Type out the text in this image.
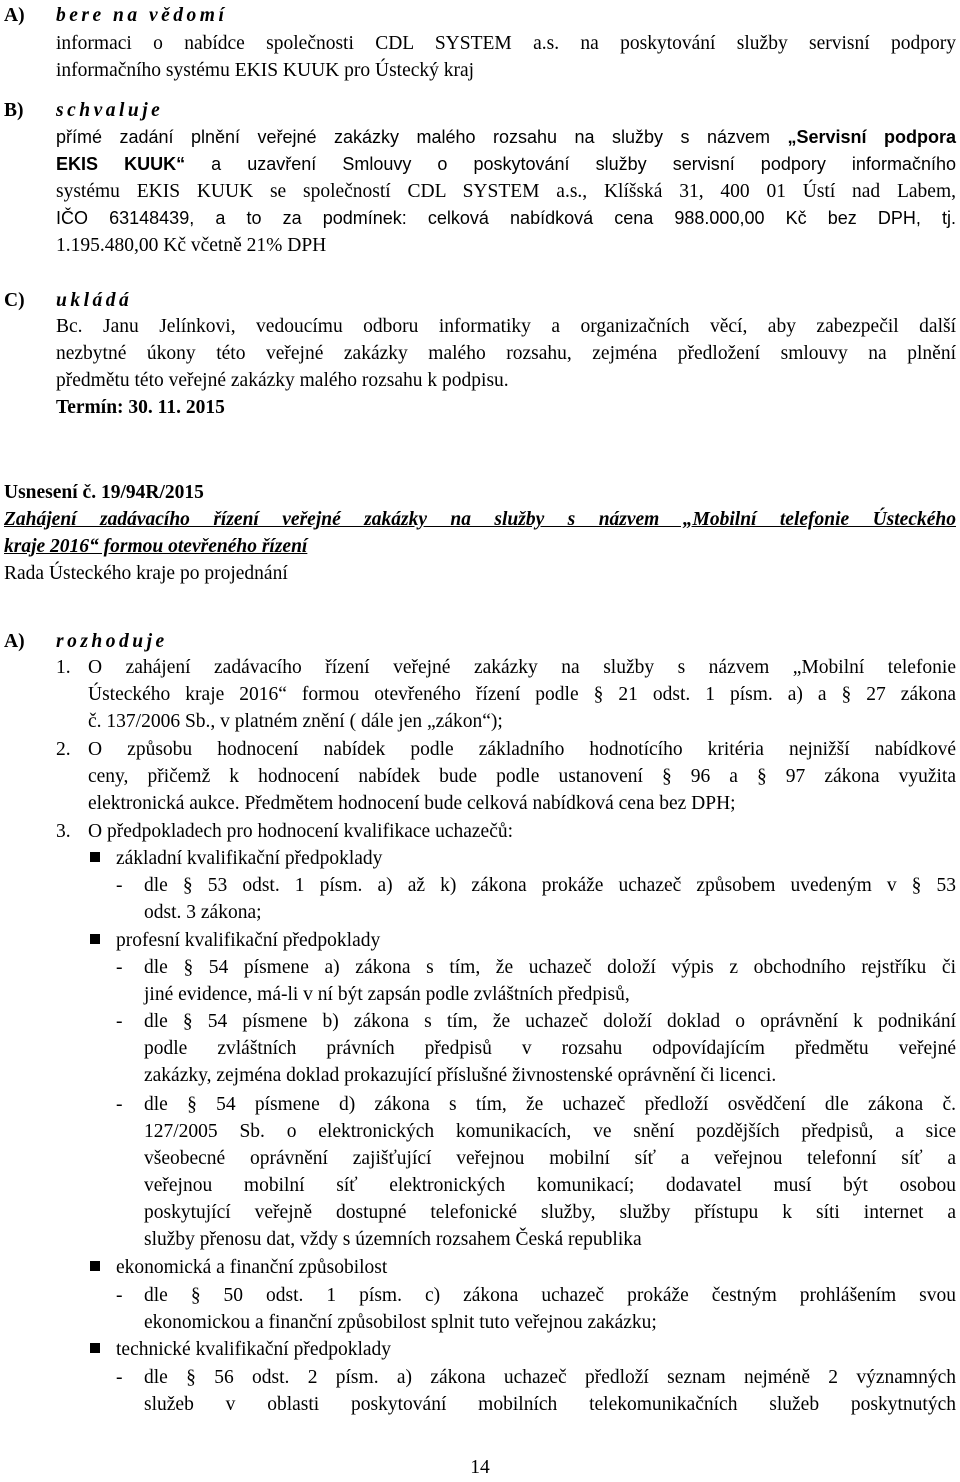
A) bere na vědomí
informaci o nabídce společnosti CDL SYSTEM a.s. na poskytování služby servisní podpory
informačního systému EKIS KUUK pro Ústecký kraj
B) schvaluje
přímé zadání plnění veřejné zakázky malého rozsahu na služby s názvem „Servisní podpora
EKIS KUUK“ a uzavření Smlouvy o poskytování služby servisní podpory informačního
systému EKIS KUUK se společností CDL SYSTEM a.s., Klíšská 31, 400 01 Ústí nad Labem,
IČO 63148439, a to za podmínek: celková nabídková cena 988.000,00 Kč bez DPH, tj.
1.195.480,00 Kč včetně 21% DPH
C) ukládá
Bc. Janu Jelínkovi, vedoucímu odboru informatiky a organizačních věcí, aby zabezpečil další
nezbytné úkony této veřejné zakázky malého rozsahu, zejména předložení smlouvy na plnění
předmětu této veřejné zakázky malého rozsahu k podpisu.
Termín: 30. 11. 2015
Usnesení č. 19/94R/2015
Zahájení zadávacího řízení veřejné zakázky na služby s názvem „Mobilní telefonie Ústeckého
kraje 2016“ formou otevřeného řízení
Rada Ústeckého kraje po projednání
A) rozhoduje
1. O zahájení zadávacího řízení veřejné zakázky na služby s názvem „Mobilní telefonie
Ústeckého kraje 2016“ formou otevřeného řízení podle § 21 odst. 1 písm. a) a § 27 zákona
č. 137/2006 Sb., v platném znění ( dále jen „zákon“);
2. O způsobu hodnocení nabídek podle základního hodnotícího kritéria nejnižší nabídkové
ceny, přičemž k hodnocení nabídek bude podle ustanovení § 96 a § 97 zákona využita
elektronická aukce. Předmětem hodnocení bude celková nabídková cena bez DPH;
3. O předpokladech pro hodnocení kvalifikace uchazečů:
základní kvalifikační předpoklady
-	dle § 53 odst. 1 písm. a) až k) zákona prokáže uchazeč způsobem uvedeným v § 53
odst. 3 zákona;
profesní kvalifikační předpoklady
-	dle § 54 písmene a) zákona s tím, že uchazeč doloží výpis z obchodního rejstříku či
jiné evidence, má-li v ní být zapsán podle zvláštních předpisů,
-	dle § 54 písmene b) zákona s tím, že uchazeč doloží doklad o oprávnění k podnikání
podle zvláštních právních předpisů v rozsahu odpovídajícím předmětu veřejné
zakázky, zejména doklad prokazující příslušné živnostenské oprávnění či licenci.
-	dle § 54 písmene d) zákona s tím, že uchazeč předloží osvědčení dle zákona č.
127/2005 Sb. o elektronických komunikacích, ve snění pozdějších předpisů, a sice
všeobecné oprávnění zajišťující veřejnou mobilní síť a veřejnou telefonní síť a
veřejnou mobilní síť elektronických komunikací; dodavatel musí být osobou
poskytující veřejně dostupné telefonické služby, služby přístupu k síti internet a
služby přenosu dat, vždy s územních rozsahem Česká republika
ekonomická a finanční způsobilost
-	dle § 50 odst. 1 písm. c) zákona uchazeč prokáže čestným prohlášením svou
ekonomickou a finanční způsobilost splnit tuto veřejnou zakázku;
technické kvalifikační předpoklady
-	dle § 56 odst. 2 písm. a) zákona uchazeč předloží seznam nejméně 2 významných
služeb v oblasti poskytování mobilních telekomunikačních služeb poskytnutých
14
